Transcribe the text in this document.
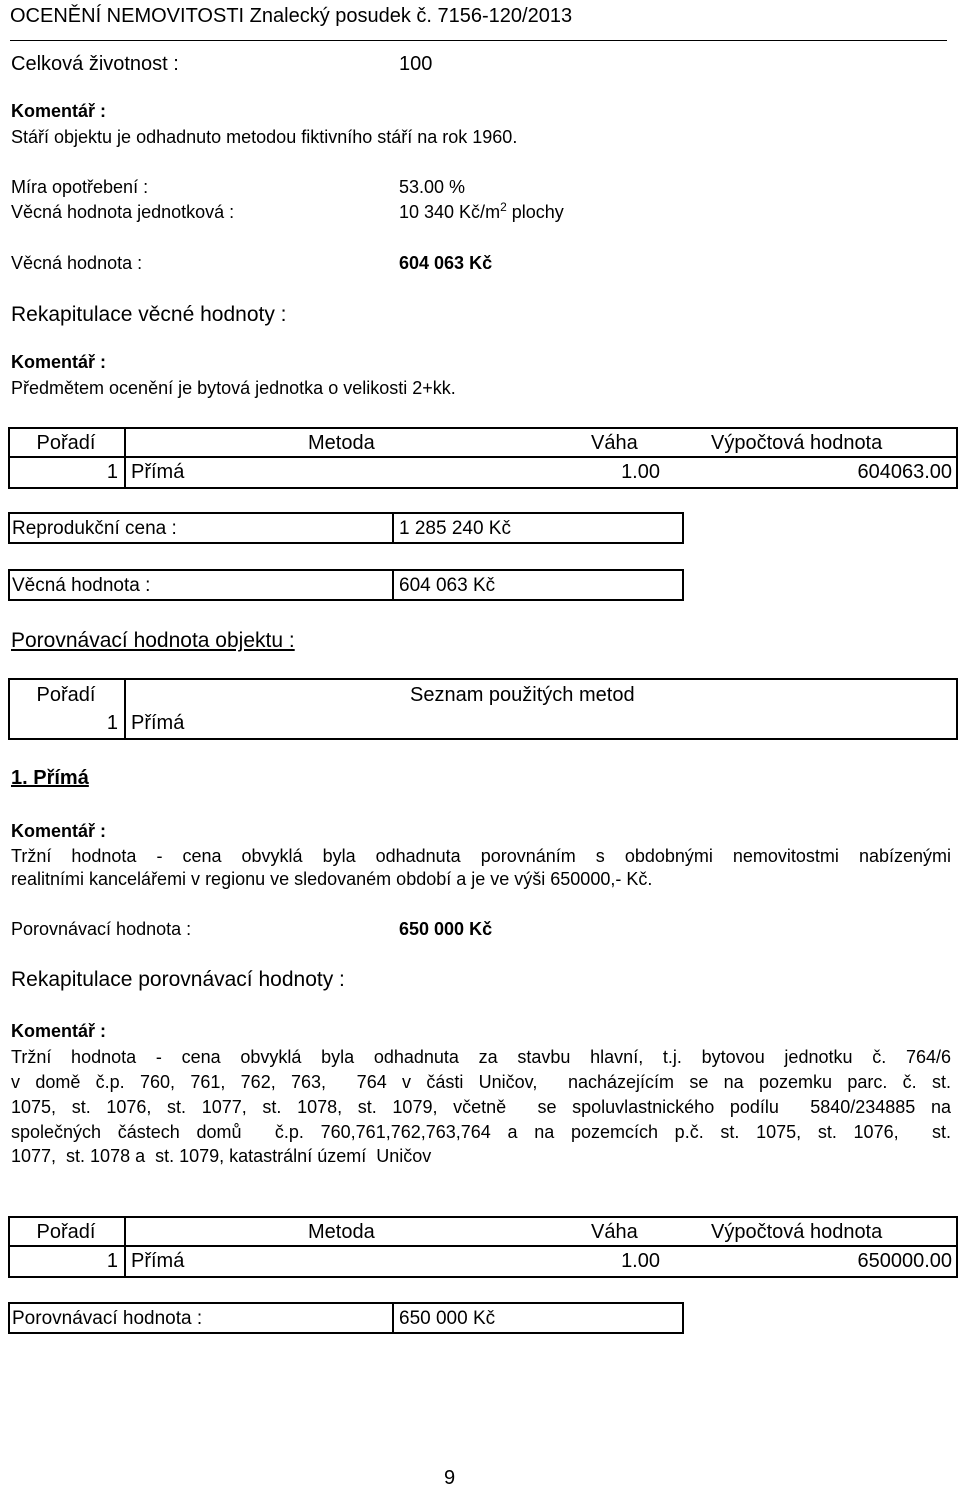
OCENĚNÍ NEMOVITOSTI Znalecký posudek č. 7156-120/2013
Celková životnost :	100
Komentář :
Stáří objektu je odhadnuto metodou fiktivního stáří na rok 1960.
Míra opotřebení :	53.00 %
Věcná hodnota jednotková :	10 340 $Kč/m^2$ plochy
Věcná hodnota :	604 063 Kč
Rekapitulace věcné hodnoty :
Komentář :
Předmětem ocenění je bytová jednotka o velikosti 2+kk.
Pořadí	Metoda	Váha	Výpočtová hodnota
1 Přímá	1.00	604063.00
Reprodukční cena :	1 285 240 Kč
Věcná hodnota :	604 063 Kč
Porovnávací hodnota objektu :
Pořadí	Seznam použitých metod
1 Přímá
1. Přímá
Komentář :
Tržní hodnota - cena obvyklá byla odhadnuta porovnáním s obdobnými nemovitostmi nabízenými
realitními kancelářemi v regionu ve sledovaném období a je ve výši 650000,- Kč.
Porovnávací hodnota :	650 000 Kč
Rekapitulace porovnávací hodnoty :
Komentář :
Tržní hodnota - cena obvyklá byla odhadnuta za stavbu hlavní, t.j. bytovou jednotku č. 764/6
v domě č.p. 760, 761, 762, 763,  764 v části Uničov,  nacházejícím se na pozemku parc. č. st.
1075, st. 1076, st. 1077, st. 1078, st. 1079, včetně  se spoluvlastnického podílu  5840/234885 na
společných částech domů  č.p. 760,761,762,763,764 a na pozemcích p.č. st. 1075, st. 1076,  st.
1077,  st. 1078 a  st. 1079, katastrální území  Uničov
Pořadí	Metoda	Váha	Výpočtová hodnota
1 Přímá	1.00	650000.00
Porovnávací hodnota :	650 000 Kč
9
